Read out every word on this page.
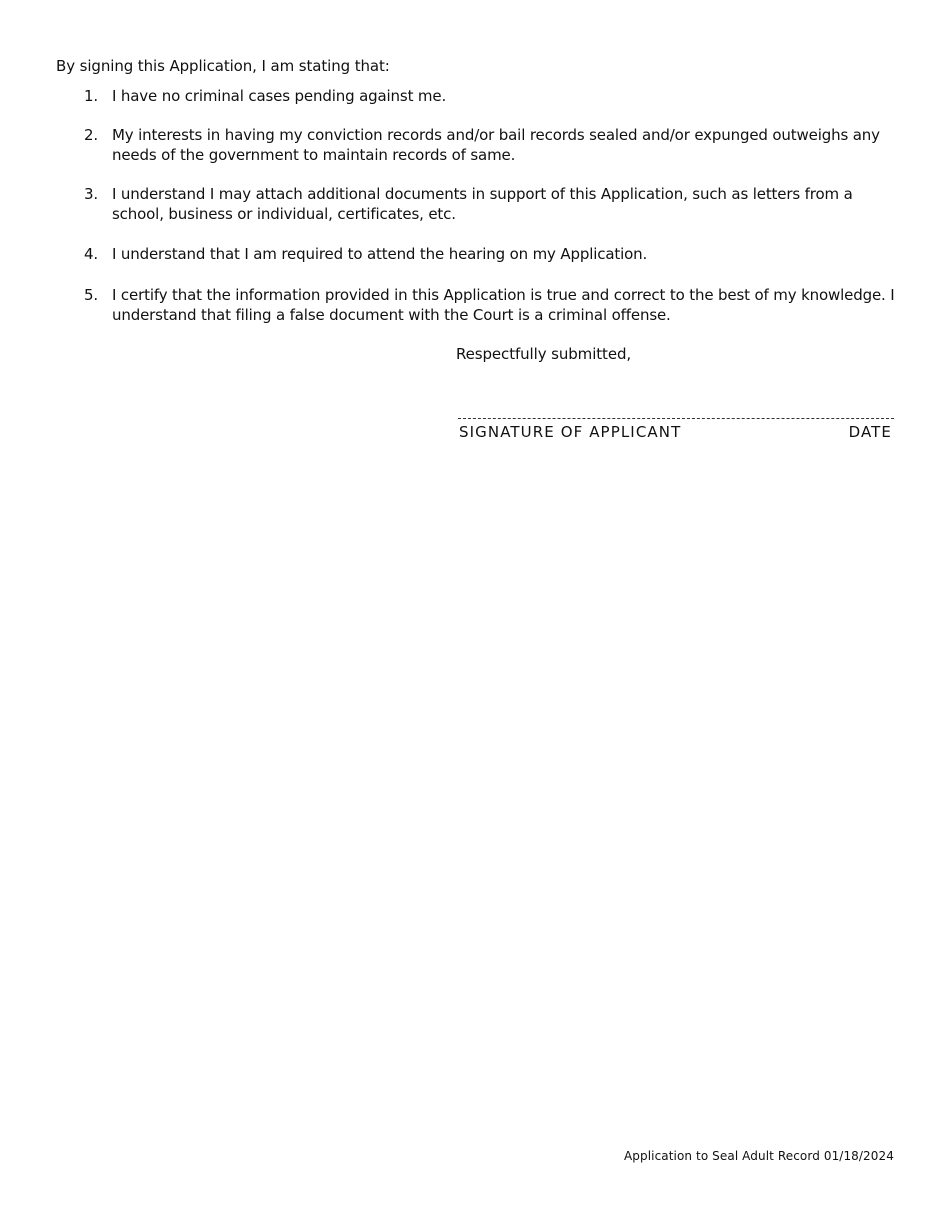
By signing this Application, I am stating that:
1. I have no criminal cases pending against me.
2. My interests in having my conviction records and/or bail records sealed and/or expunged outweighs any needs of the government to maintain records of same.
3. I understand I may attach additional documents in support of this Application, such as letters from a school, business or individual, certificates, etc.
4. I understand that I am required to attend the hearing on my Application.
5. I certify that the information provided in this Application is true and correct to the best of my knowledge. I understand that filing a false document with the Court is a criminal offense.
Respectfully submitted,
SIGNATURE OF APPLICANT	DATE
Application to Seal Adult Record 01/18/2024
